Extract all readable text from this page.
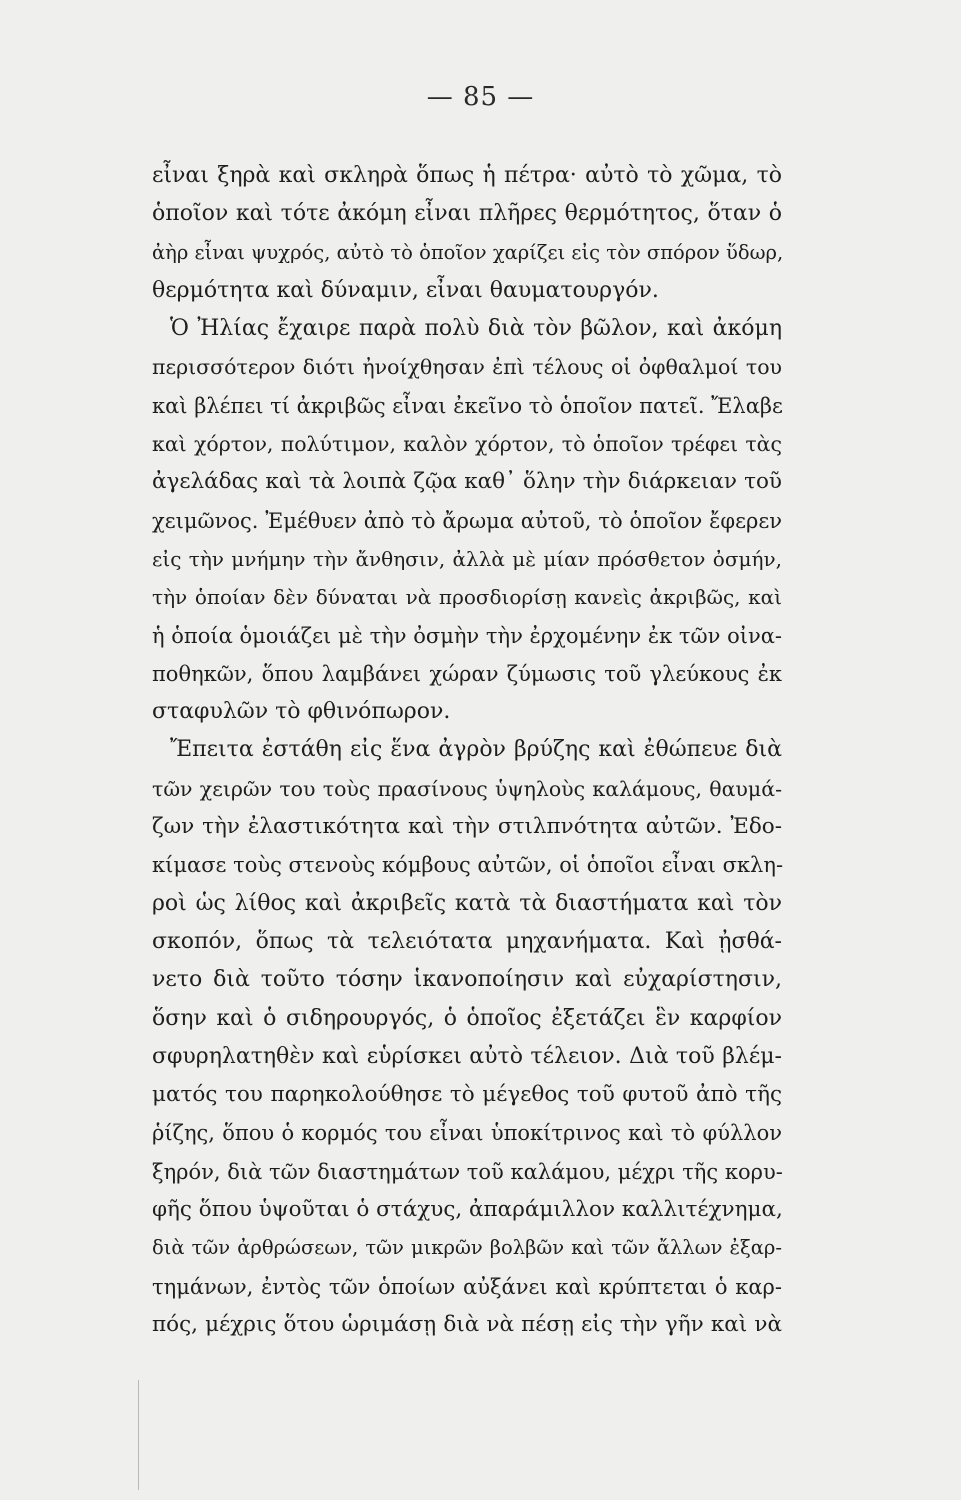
— 85 —
εἶναι ξηρὰ καὶ σκληρὰ ὅπως ἡ πέτρα· αὐτὸ τὸ χῶμα, τὸ
ὁποῖον καὶ τότε ἀκόμη εἶναι πλῆρες θερμότητος, ὅταν ὁ
ἀὴρ εἶναι ψυχρός, αὐτὸ τὸ ὁποῖον χαρίζει εἰς τὸν σπόρον ὕδωρ,
θερμότητα καὶ δύναμιν, εἶναι θαυματουργόν.
Ὁ Ἠλίας ἔχαιρε παρὰ πολὺ διὰ τὸν βῶλον, καὶ ἀκόμη
περισσότερον διότι ἠνοίχθησαν ἐπὶ τέλους οἱ ὀφθαλμοί του
καὶ βλέπει τί ἀκριβῶς εἶναι ἐκεῖνο τὸ ὁποῖον πατεῖ. Ἔλαβε
καὶ χόρτον, πολύτιμον, καλὸν χόρτον, τὸ ὁποῖον τρέφει τὰς
ἀγελάδας καὶ τὰ λοιπὰ ζῷα καθ᾽ ὅλην τὴν διάρκειαν τοῦ
χειμῶνος. Ἐμέθυεν ἀπὸ τὸ ἄρωμα αὐτοῦ, τὸ ὁποῖον ἔφερεν
εἰς τὴν μνήμην τὴν ἄνθησιν, ἀλλὰ μὲ μίαν πρόσθετον ὀσμήν,
τὴν ὁποίαν δὲν δύναται νὰ προσδιορίσῃ κανεὶς ἀκριβῶς, καὶ
ἡ ὁποία ὁμοιάζει μὲ τὴν ὀσμὴν τὴν ἐρχομένην ἐκ τῶν οἰνα-
ποθηκῶν, ὅπου λαμβάνει χώραν ζύμωσις τοῦ γλεύκους ἐκ
σταφυλῶν τὸ φθινόπωρον.
Ἔπειτα ἐστάθη εἰς ἕνα ἀγρὸν βρύζης καὶ ἐθώπευε διὰ
τῶν χειρῶν του τοὺς πρασίνους ὑψηλοὺς καλάμους, θαυμά-
ζων τὴν ἐλαστικότητα καὶ τὴν στιλπνότητα αὐτῶν. Ἐδο-
κίμασε τοὺς στενοὺς κόμβους αὐτῶν, οἱ ὁποῖοι εἶναι σκλη-
ροὶ ὡς λίθος καὶ ἀκριβεῖς κατὰ τὰ διαστήματα καὶ τὸν
σκοπόν, ὅπως τὰ τελειότατα μηχανήματα. Καὶ ᾐσθά-
νετο διὰ τοῦτο τόσην ἱκανοποίησιν καὶ εὐχαρίστησιν,
ὅσην καὶ ὁ σιδηρουργός, ὁ ὁποῖος ἐξετάζει ἓν καρφίον
σφυρηλατηθὲν καὶ εὑρίσκει αὐτὸ τέλειον. Διὰ τοῦ βλέμ-
ματός του παρηκολούθησε τὸ μέγεθος τοῦ φυτοῦ ἀπὸ τῆς
ῥίζης, ὅπου ὁ κορμός του εἶναι ὑποκίτρινος καὶ τὸ φύλλον
ξηρόν, διὰ τῶν διαστημάτων τοῦ καλάμου, μέχρι τῆς κορυ-
φῆς ὅπου ὑψοῦται ὁ στάχυς, ἀπαράμιλλον καλλιτέχνημα,
διὰ τῶν ἀρθρώσεων, τῶν μικρῶν βολβῶν καὶ τῶν ἄλλων ἐξαρ-
τημάνων, ἐντὸς τῶν ὁποίων αὐξάνει καὶ κρύπτεται ὁ καρ-
πός, μέχρις ὅτου ὡριμάσῃ διὰ νὰ πέσῃ εἰς τὴν γῆν καὶ νὰ
